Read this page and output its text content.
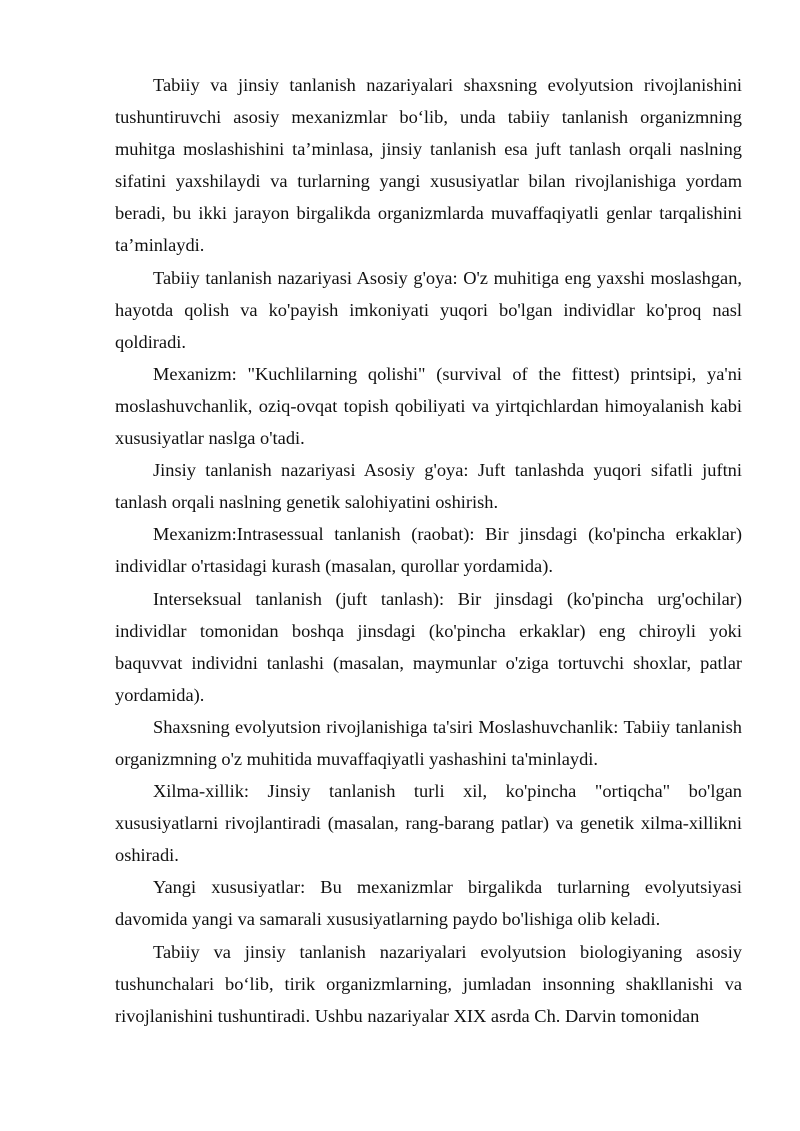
Tabiiy va jinsiy tanlanish nazariyalari shaxsning evolyutsion rivojlanishini tushuntiruvchi asosiy mexanizmlar bo‘lib, unda tabiiy tanlanish organizmning muhitga moslashishini ta’minlasa, jinsiy tanlanish esa juft tanlash orqali naslning sifatini yaxshilaydi va turlarning yangi xususiyatlar bilan rivojlanishiga yordam beradi, bu ikki jarayon birgalikda organizmlarda muvaffaqiyatli genlar tarqalishini ta’minlaydi.

Tabiiy tanlanish nazariyasi Asosiy g'oya: O'z muhitiga eng yaxshi moslashgan, hayotda qolish va ko'payish imkoniyati yuqori bo'lgan individlar ko'proq nasl qoldiradi.

Mexanizm: "Kuchlilarning qolishi" (survival of the fittest) printsipi, ya'ni moslashuvchanlik, oziq-ovqat topish qobiliyati va yirtqichlardan himoyalanish kabi xususiyatlar naslga o'tadi.

Jinsiy tanlanish nazariyasi Asosiy g'oya: Juft tanlashda yuqori sifatli juftni tanlash orqali naslning genetik salohiyatini oshirish.

Mexanizm:Intrasessual tanlanish (raobat): Bir jinsdagi (ko'pincha erkaklar) individlar o'rtasidagi kurash (masalan, qurollar yordamida).

Interseksual tanlanish (juft tanlash): Bir jinsdagi (ko'pincha urg'ochilar) individlar tomonidan boshqa jinsdagi (ko'pincha erkaklar) eng chiroyli yoki baquvvat individni tanlashi (masalan, maymunlar o'ziga tortuvchi shoxlar, patlar yordamida).

Shaxsning evolyutsion rivojlanishiga ta'siri Moslashuvchanlik: Tabiiy tanlanish organizmning o'z muhitida muvaffaqiyatli yashashini ta'minlaydi.

Xilma-xillik: Jinsiy tanlanish turli xil, ko'pincha "ortiqcha" bo'lgan xususiyatlarni rivojlantiradi (masalan, rang-barang patlar) va genetik xilma-xillikni oshiradi.

Yangi xususiyatlar: Bu mexanizmlar birgalikda turlarning evolyutsiyasi davomida yangi va samarali xususiyatlarning paydo bo'lishiga olib keladi.

Tabiiy va jinsiy tanlanish nazariyalari evolyutsion biologiyaning asosiy tushunchalari bo‘lib, tirik organizmlarning, jumladan insonning shakllanishi va rivojlanishini tushuntiradi. Ushbu nazariyalar XIX asrda Ch. Darvin tomonidan
